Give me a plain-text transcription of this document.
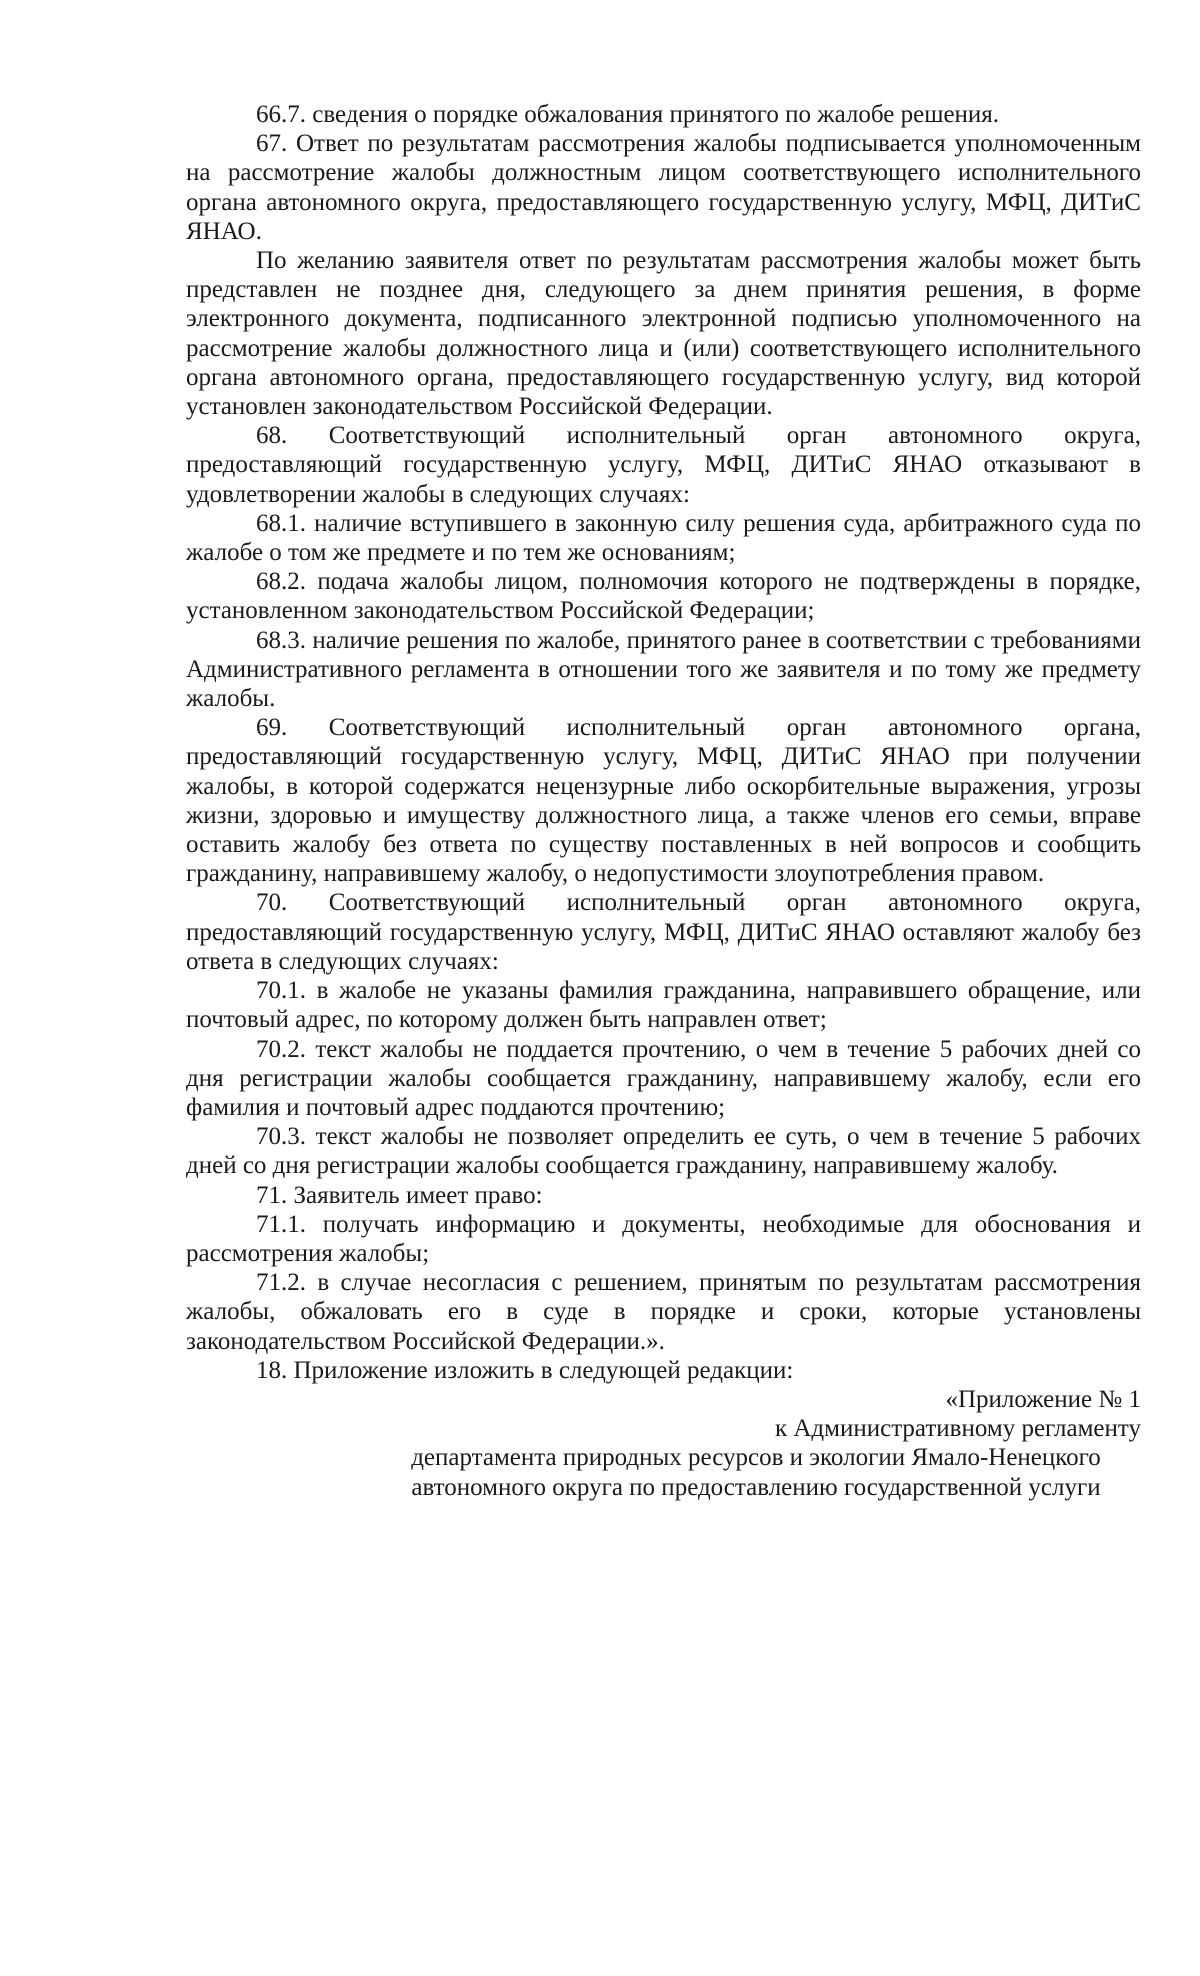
66.7. сведения о порядке обжалования принятого по жалобе решения.

67. Ответ по результатам рассмотрения жалобы подписывается уполномоченным на рассмотрение жалобы должностным лицом соответствующего исполнительного органа автономного округа, предоставляющего государственную услугу, МФЦ, ДИТиС ЯНАО.

По желанию заявителя ответ по результатам рассмотрения жалобы может быть представлен не позднее дня, следующего за днем принятия решения, в форме электронного документа, подписанного электронной подписью уполномоченного на рассмотрение жалобы должностного лица и (или) соответствующего исполнительного органа автономного органа, предоставляющего государственную услугу, вид которой установлен законодательством Российской Федерации.

68. Соответствующий исполнительный орган автономного округа, предоставляющий государственную услугу, МФЦ, ДИТиС ЯНАО отказывают в удовлетворении жалобы в следующих случаях:

68.1. наличие вступившего в законную силу решения суда, арбитражного суда по жалобе о том же предмете и по тем же основаниям;

68.2. подача жалобы лицом, полномочия которого не подтверждены в порядке, установленном законодательством Российской Федерации;

68.3. наличие решения по жалобе, принятого ранее в соответствии с требованиями Административного регламента в отношении того же заявителя и по тому же предмету жалобы.

69. Соответствующий исполнительный орган автономного органа, предоставляющий государственную услугу, МФЦ, ДИТиС ЯНАО при получении жалобы, в которой содержатся нецензурные либо оскорбительные выражения, угрозы жизни, здоровью и имуществу должностного лица, а также членов его семьи, вправе оставить жалобу без ответа по существу поставленных в ней вопросов и сообщить гражданину, направившему жалобу, о недопустимости злоупотребления правом.

70. Соответствующий исполнительный орган автономного округа, предоставляющий государственную услугу, МФЦ, ДИТиС ЯНАО оставляют жалобу без ответа в следующих случаях:

70.1. в жалобе не указаны фамилия гражданина, направившего обращение, или почтовый адрес, по которому должен быть направлен ответ;

70.2. текст жалобы не поддается прочтению, о чем в течение 5 рабочих дней со дня регистрации жалобы сообщается гражданину, направившему жалобу, если его фамилия и почтовый адрес поддаются прочтению;

70.3. текст жалобы не позволяет определить ее суть, о чем в течение 5 рабочих дней со дня регистрации жалобы сообщается гражданину, направившему жалобу.

71. Заявитель имеет право:

71.1. получать информацию и документы, необходимые для обоснования и рассмотрения жалобы;

71.2. в случае несогласия с решением, принятым по результатам рассмотрения жалобы, обжаловать его в суде в порядке и сроки, которые установлены законодательством Российской Федерации.».

18. Приложение изложить в следующей редакции:

«Приложение № 1
к Административному регламенту
департамента природных ресурсов и экологии Ямало-Ненецкого
автономного округа по предоставлению государственной услуги
